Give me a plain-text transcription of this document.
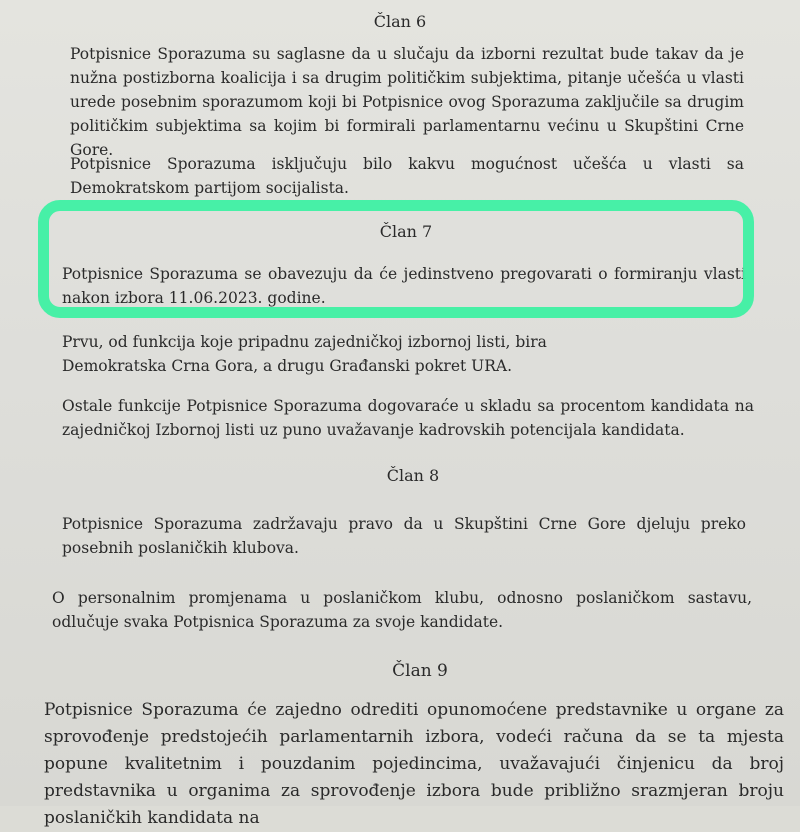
Član 6

Potpisnice Sporazuma su saglasne da u slučaju da izborni rezultat bude takav da je nužna postizborna koalicija i sa drugim političkim subjektima, pitanje učešća u vlasti urede posebnim sporazumom koji bi Potpisnice ovog Sporazuma zaključile sa drugim političkim subjektima sa kojim bi formirali parlamentarnu većinu u Skupštini Crne Gore.

Potpisnice Sporazuma isključuju bilo kakvu mogućnost učešća u vlasti sa Demokratskom partijom socijalista.

Član 7

Potpisnice Sporazuma se obavezuju da će jedinstveno pregovarati o formiranju vlasti nakon izbora 11.06.2023. godine.

Prvu, od funkcija koje pripadnu zajedničkoj izbornoj listi, bira

Demokratska Crna Gora, a drugu Građanski pokret URA.

Ostale funkcije Potpisnice Sporazuma dogovaraće u skladu sa procentom kandidata na zajedničkoj Izbornoj listi uz puno uvažavanje kadrovskih potencijala kandidata.

Član 8

Potpisnice Sporazuma zadržavaju pravo da u Skupštini Crne Gore djeluju preko posebnih poslaničkih klubova.

O personalnim promjenama u poslaničkom klubu, odnosno poslaničkom sastavu, odlučuje svaka Potpisnica Sporazuma za svoje kandidate.

Član 9

Potpisnice Sporazuma će zajedno odrediti opunomoćene predstavnike u organe za sprovođenje predstojećih parlamentarnih izbora, vodeći računa da se ta mjesta popune kvalitetnim i pouzdanim pojedincima, uvažavajući činjenicu da broj predstavnika u organima za sprovođenje izbora bude približno srazmjeran broju poslaničkih kandidata na
